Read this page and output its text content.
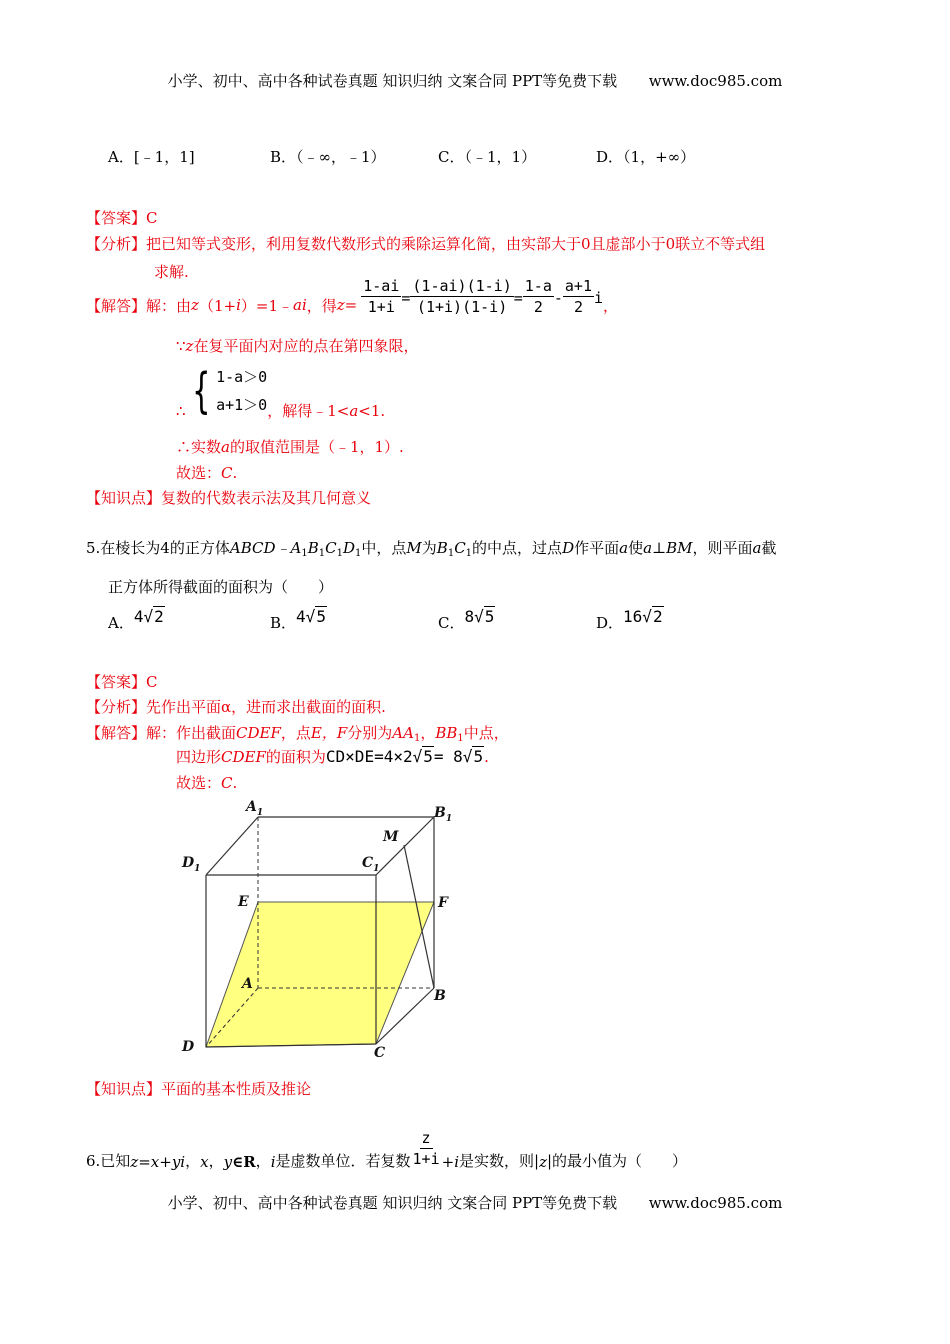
小学、初中、高中各种试卷真题 知识归纳 文案合同 PPT等免费下载 www.doc985.com
A．[﹣1，1]	B．（﹣∞，﹣1）	C．（﹣1，1）	D．（1，+∞）
【答案】C
【分析】把已知等式变形，利用复数代数形式的乘除运算化简，由实部大于0且虚部小于0联立不等式组
求解.
【解答】 解：由 z （1+ i ）=1﹣ ai ，得 $z = \frac{1-ai}{1+i} = \frac{(1-ai)(1-i)}{(1+i)(1-i)} = \frac{1-a}{2} - \frac{a+1}{2}$ i ，
∵z在复平面内对应的点在第四象限，
∴ { 1-a＞0
a+1＞0 ，解得﹣1< a <1.
∴实数a的取值范围是（﹣1，1）.
故选：C.
【知识点】复数的代数表示法及其几何意义
5.在棱长为4的正方体$ABCD﹣A_1B_1C_1D_1$中，点M为$B_1C_1$的中点，过点D作平面a使a⊥BM，则平面a截
正方体所得截面的面积为（　　）
A．4√2	B．4√5	C．8√5	D．16√2
【答案】C
【分析】先作出平面α，进而求出截面的面积.
【解答】解：作出截面CDEF，点E，F分别为$AA_1$，$BB_1$中点，
四边形CDEF的面积为CD×DE=4×2√5= 8√5.
故选：C.
$A_1$	$B_1$
$D_1$	$C_1$
M
E	F
A
B
D	C
【知识点】平面的基本性质及推论
6.已知 z = x+yi ， x ， y ∈R ， i 是虚数单位．若复数 $\frac{z}{1+i} + i$ 是实数，则| z |的最小值为（　　）
小学、初中、高中各种试卷真题 知识归纳 文案合同 PPT等免费下载 www.doc985.com
